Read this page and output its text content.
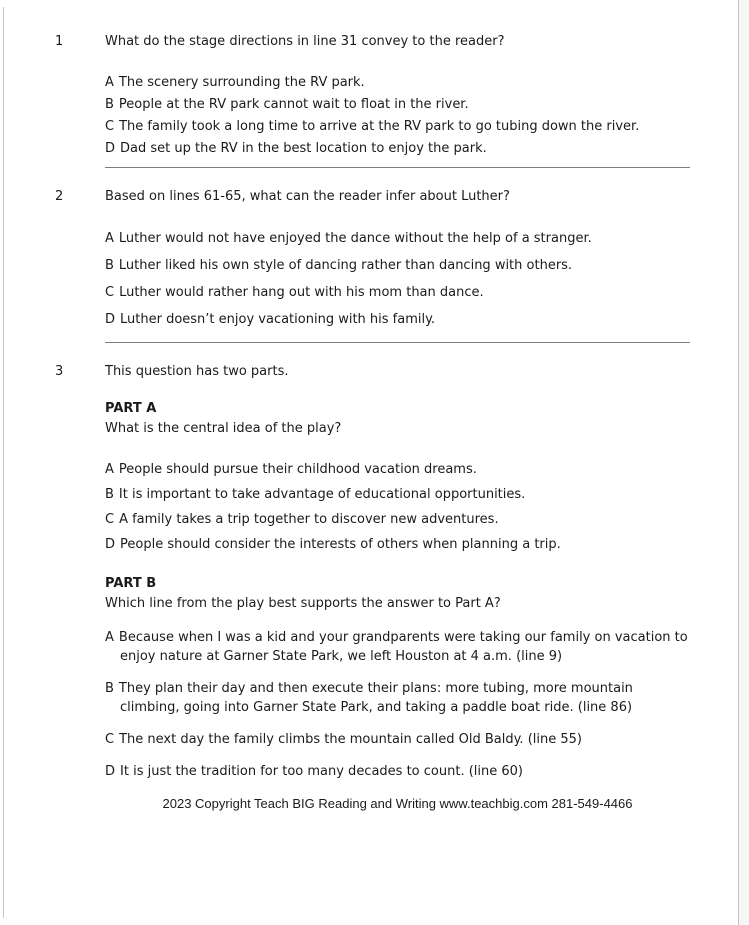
1	What do the stage directions in line 31 convey to the reader?

A The scenery surrounding the RV park.

B People at the RV park cannot wait to float in the river.

C The family took a long time to arrive at the RV park to go tubing down the river.

D Dad set up the RV in the best location to enjoy the park.

2	Based on lines 61-65, what can the reader infer about Luther?

A Luther would not have enjoyed the dance without the help of a stranger.

B Luther liked his own style of dancing rather than dancing with others.

C Luther would rather hang out with his mom than dance.

D Luther doesn’t enjoy vacationing with his family.

3	This question has two parts.

PART A

What is the central idea of the play?

A People should pursue their childhood vacation dreams.

B It is important to take advantage of educational opportunities.

C A family takes a trip together to discover new adventures.

D People should consider the interests of others when planning a trip.

PART B

Which line from the play best supports the answer to Part A?

A Because when I was a kid and your grandparents were taking our family on vacation to enjoy nature at Garner State Park, we left Houston at 4 a.m. (line 9)

B They plan their day and then execute their plans: more tubing, more mountain climbing, going into Garner State Park, and taking a paddle boat ride. (line 86)

C The next day the family climbs the mountain called Old Baldy. (line 55)

D It is just the tradition for too many decades to count. (line 60)

2023 Copyright Teach BIG Reading and Writing www.teachbig.com 281-549-4466
